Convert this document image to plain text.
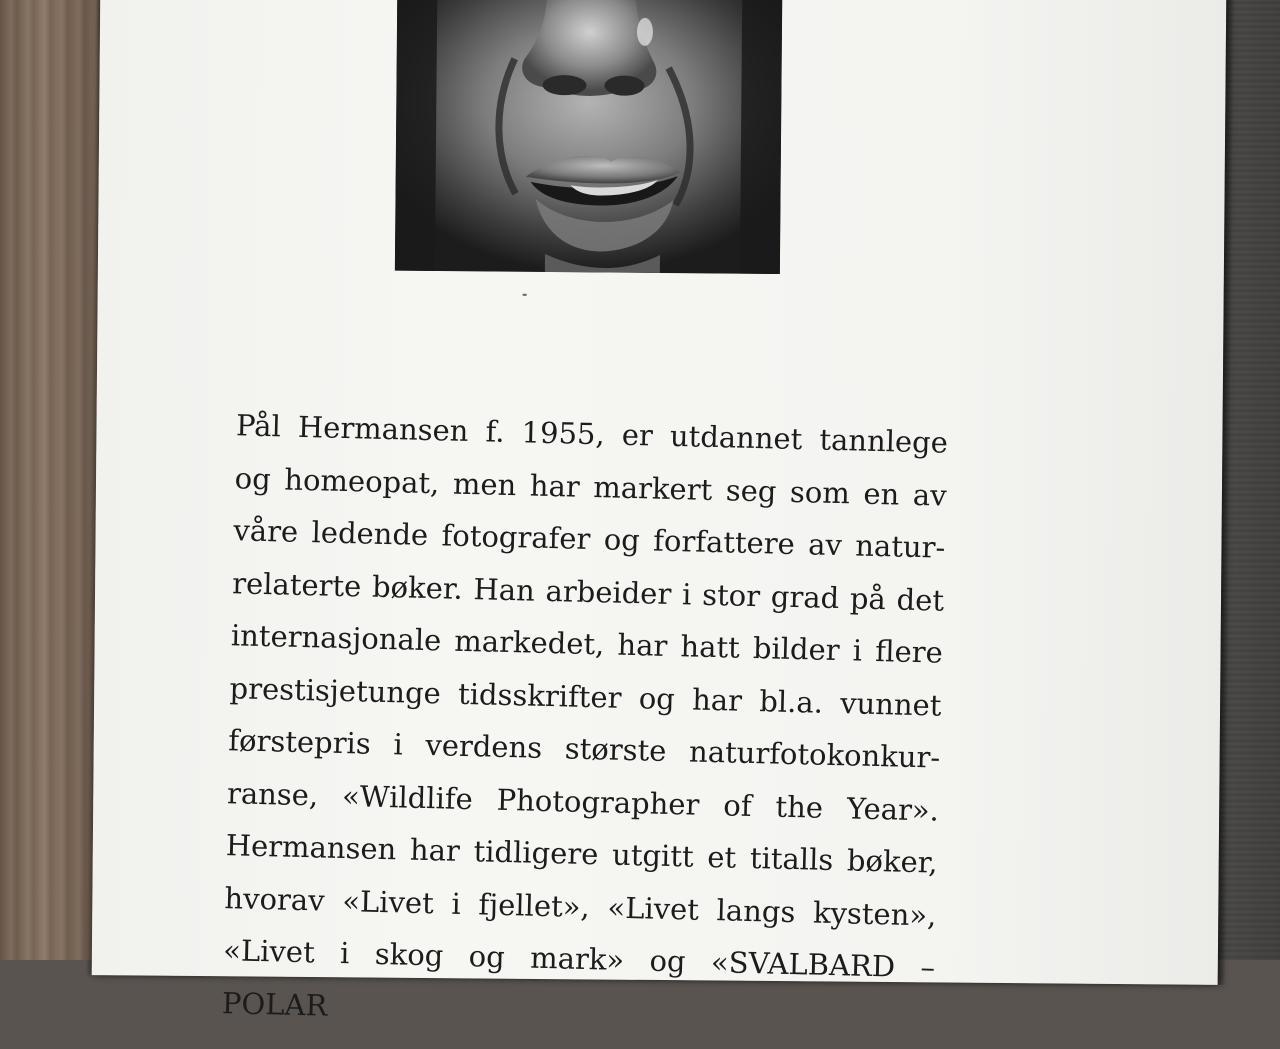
Pål Hermansen f. 1955, er utdannet tannlege
og homeopat, men har markert seg som en av
våre ledende fotografer og forfattere av natur-
relaterte bøker. Han arbeider i stor grad på det
internasjonale markedet, har hatt bilder i flere
prestisjetunge tidsskrifter og har bl.a. vunnet
førstepris i verdens største naturfotokonkur-
ranse, «Wildlife Photographer of the Year».
Hermansen har tidligere utgitt et titalls bøker,
hvorav «Livet i fjellet», «Livet langs kysten»,
«Livet i skog og mark» og «SVALBARD –
POLAR
